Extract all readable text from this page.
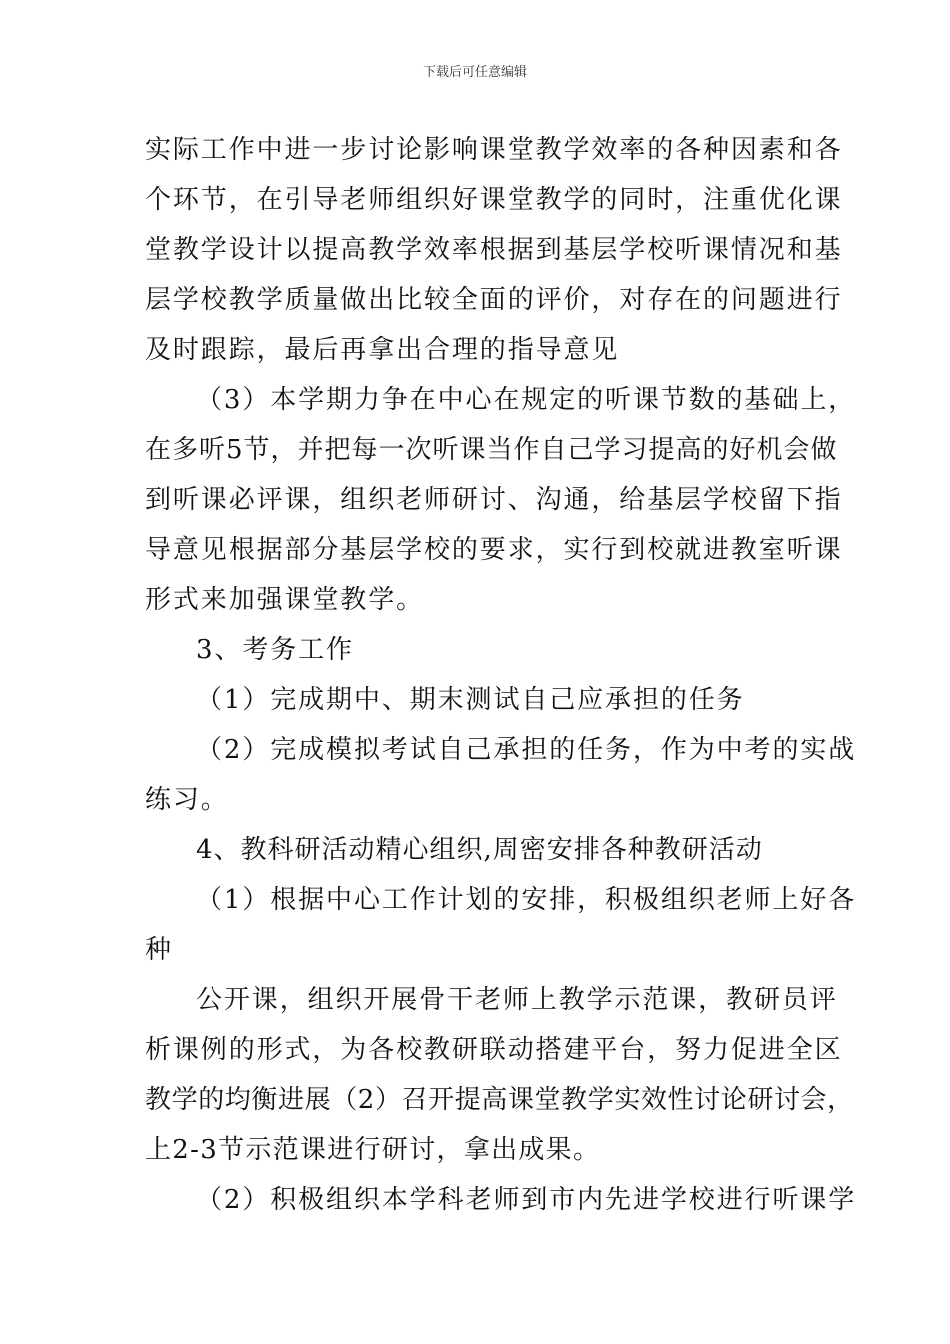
下载后可任意编辑
实际工作中进一步讨论影响课堂教学效率的各种因素和各
个环节，在引导老师组织好课堂教学的同时，注重优化课
堂教学设计以提高教学效率根据到基层学校听课情况和基
层学校教学质量做出比较全面的评价，对存在的问题进行
及时跟踪，最后再拿出合理的指导意见
（3）本学期力争在中心在规定的听课节数的基础上，
在多听5节，并把每一次听课当作自己学习提高的好机会做
到听课必评课，组织老师研讨、沟通，给基层学校留下指
导意见根据部分基层学校的要求，实行到校就进教室听课
形式来加强课堂教学。
3、考务工作
（1）完成期中、期末测试自己应承担的任务
（2）完成模拟考试自己承担的任务，作为中考的实战
练习。
4、教科研活动精心组织,周密安排各种教研活动
（1）根据中心工作计划的安排，积极组织老师上好各
种
公开课，组织开展骨干老师上教学示范课，教研员评
析课例的形式，为各校教研联动搭建平台，努力促进全区
教学的均衡进展（2）召开提高课堂教学实效性讨论研讨会，
上2-3节示范课进行研讨，拿出成果。
（2）积极组织本学科老师到市内先进学校进行听课学
